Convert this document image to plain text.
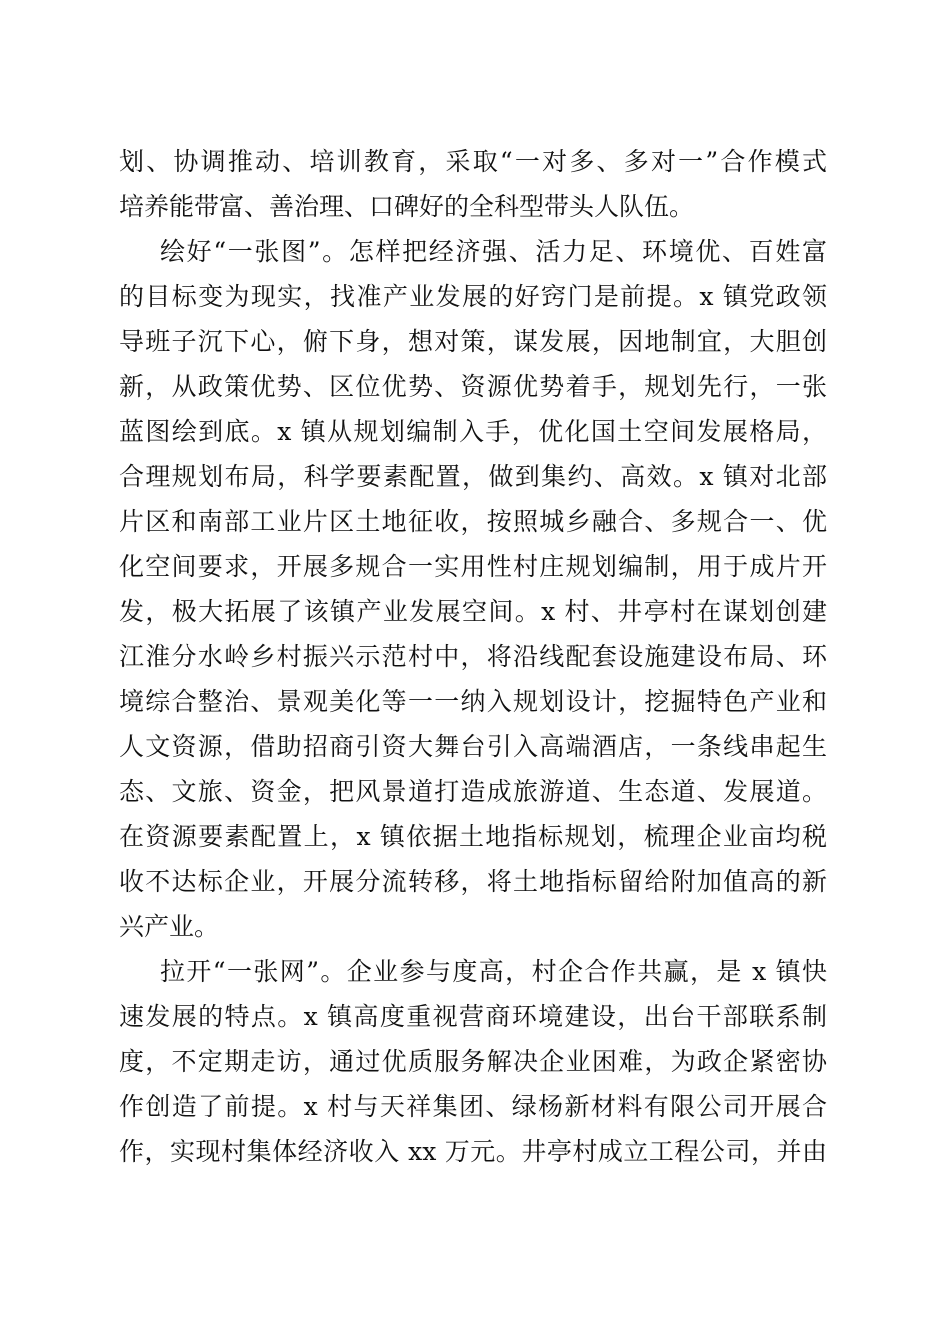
划、协调推动、培训教育，采取“一对多、多对一”合作模式
培养能带富、善治理、口碑好的全科型带头人队伍。
绘好“一张图”。怎样把经济强、活力足、环境优、百姓富
的目标变为现实，找准产业发展的好窍门是前提。x 镇党政领
导班子沉下心，俯下身，想对策，谋发展，因地制宜，大胆创
新，从政策优势、区位优势、资源优势着手，规划先行，一张
蓝图绘到底。x 镇从规划编制入手，优化国土空间发展格局，
合理规划布局，科学要素配置，做到集约、高效。x 镇对北部
片区和南部工业片区土地征收，按照城乡融合、多规合一、优
化空间要求，开展多规合一实用性村庄规划编制，用于成片开
发，极大拓展了该镇产业发展空间。x 村、井亭村在谋划创建
江淮分水岭乡村振兴示范村中，将沿线配套设施建设布局、环
境综合整治、景观美化等一一纳入规划设计，挖掘特色产业和
人文资源，借助招商引资大舞台引入高端酒店，一条线串起生
态、文旅、资金，把风景道打造成旅游道、生态道、发展道。
在资源要素配置上，x 镇依据土地指标规划，梳理企业亩均税
收不达标企业，开展分流转移，将土地指标留给附加值高的新
兴产业。
拉开“一张网”。企业参与度高，村企合作共赢，是 x 镇快
速发展的特点。x 镇高度重视营商环境建设，出台干部联系制
度，不定期走访，通过优质服务解决企业困难，为政企紧密协
作创造了前提。x 村与天祥集团、绿杨新材料有限公司开展合
作，实现村集体经济收入 xx 万元。井亭村成立工程公司，并由
